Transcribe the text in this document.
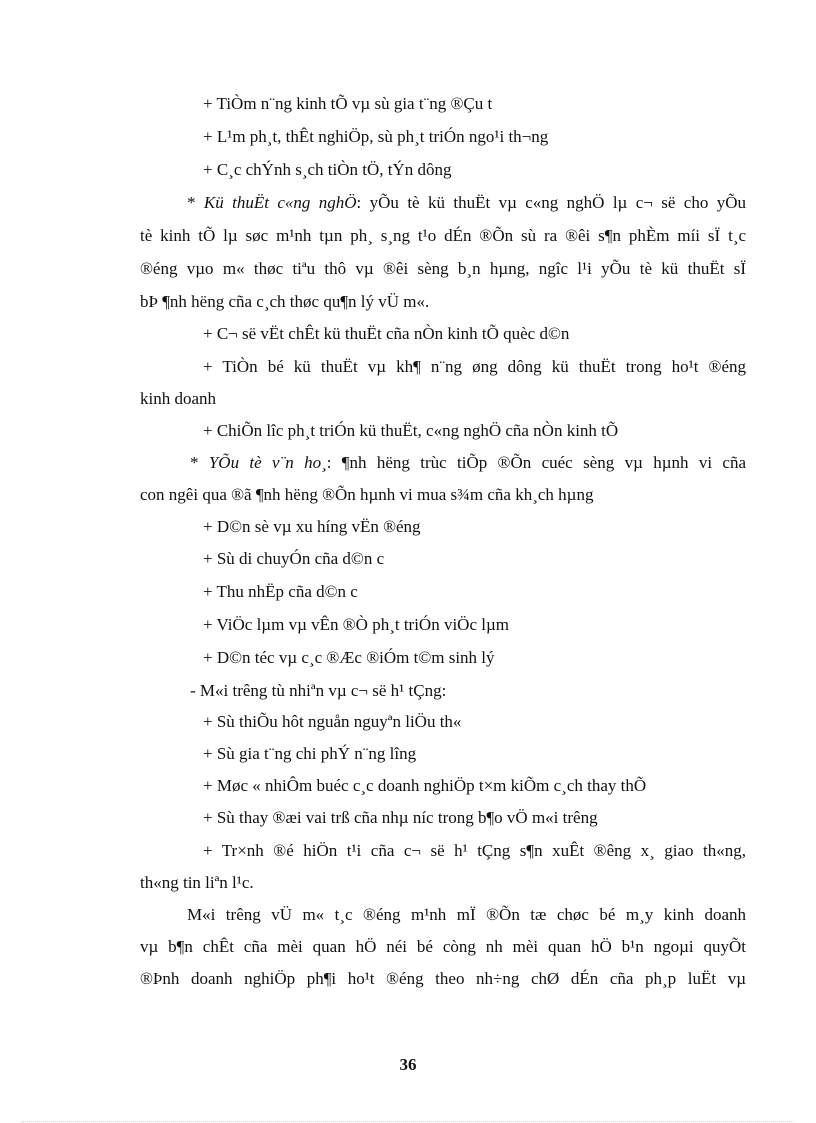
+ TiÒm n¨ng kinh tÕ vµ sù gia t¨ng ®Çu t
+ L¹m ph¸t, thÊt nghiÖp, sù ph¸t triÓn ngo¹i th¬ng
+ C¸c chÝnh s¸ch tiÒn tÖ, tÝn dông
* Kü thuËt c«ng nghÖ: yÕu tè kü thuËt vµ c«ng nghÖ lµ c¬ së cho yÕu
tè kinh tÕ lµ søc m¹nh tµn ph¸ s¸ng t¹o dÉn ®Õn sù ra ®êi s¶n phÈm míi sÏ t¸c
®éng vµo m« thøc tiªu thô vµ ®êi sèng b¸n hµng, ngîc l¹i yÕu tè kü thuËt sÏ
bÞ ¶nh hëng cña c¸ch thøc qu¶n lý vÜ m«.
+ C¬ së vËt chÊt kü thuËt cña nÒn kinh tÕ quèc d©n
+ TiÒn bé kü thuËt vµ kh¶ n¨ng øng dông kü thuËt trong ho¹t ®éng
kinh doanh
+ ChiÕn lîc ph¸t triÓn kü thuËt, c«ng nghÖ cña nÒn kinh tÕ
* YÕu tè v¨n ho¸: ¶nh hëng trùc tiÕp ®Õn cuéc sèng vµ hµnh vi cña
con ngêi qua ®ã ¶nh hëng ®Õn hµnh vi mua s¾m cña kh¸ch hµng
+ D©n sè vµ xu híng vËn ®éng
+ Sù di chuyÓn cña d©n c
+ Thu nhËp cña d©n c
+ ViÖc lµm vµ vÊn ®Ò ph¸t triÓn viÖc lµm
+ D©n téc vµ c¸c ®Æc ®iÓm t©m sinh lý
- M«i trêng tù nhiªn vµ c¬ së h¹ tÇng:
+ Sù thiÕu hôt nguån nguyªn liÖu th«
+ Sù gia t¨ng chi phÝ n¨ng lîng
+ Møc « nhiÔm buéc c¸c doanh nghiÖp t×m kiÕm c¸ch thay thÕ
+ Sù thay ®æi vai trß cña nhµ níc trong b¶o vÖ m«i trêng
+ Tr×nh ®é hiÖn t¹i cña c¬ së h¹ tÇng s¶n xuÊt ®êng x¸ giao th«ng,
th«ng tin liªn l¹c.
M«i trêng vÜ m« t¸c ®éng m¹nh mÏ ®Õn tæ chøc bé m¸y kinh doanh
vµ b¶n chÊt cña mèi quan hÖ néi bé còng nh mèi quan hÖ b¹n ngoµi quyÕt
®Þnh doanh nghiÖp ph¶i ho¹t ®éng theo nh÷ng chØ dÉn cña ph¸p luËt vµ
36
